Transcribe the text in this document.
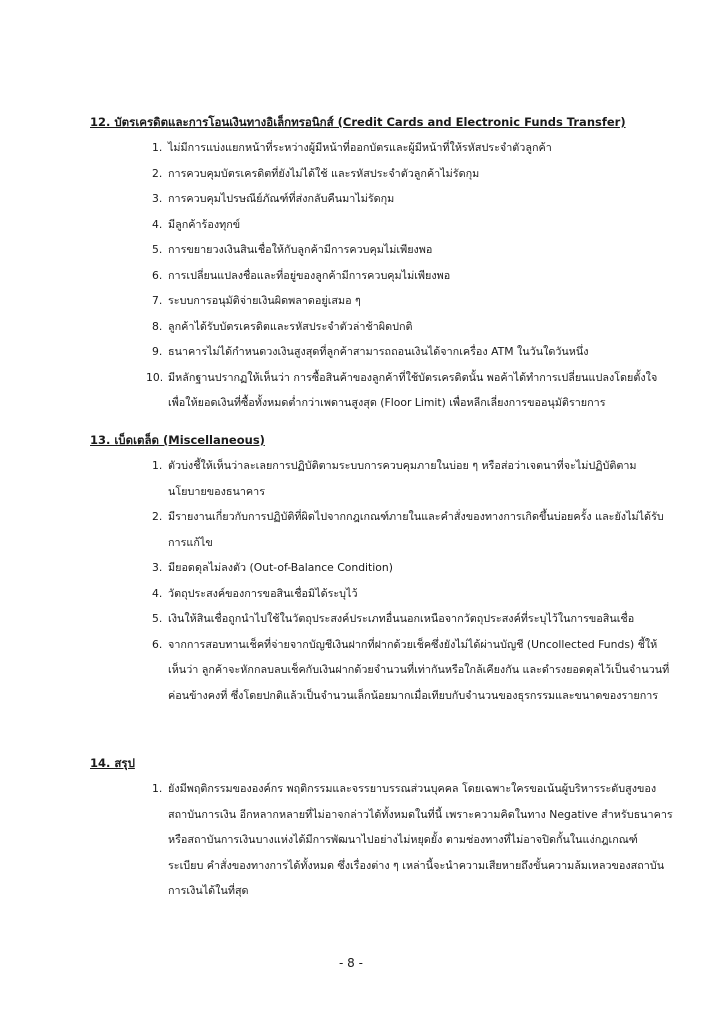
12. บัตรเครดิตและการโอนเงินทางอิเล็กทรอนิกส์ (Credit Cards and Electronic Funds Transfer)
1. ไม่มีการแบ่งแยกหน้าที่ระหว่างผู้มีหน้าที่ออกบัตรและผู้มีหน้าที่ให้รหัสประจำตัวลูกค้า
2. การควบคุมบัตรเครดิตที่ยังไม่ได้ใช้ และรหัสประจำตัวลูกค้าไม่รัดกุม
3. การควบคุมไปรษณีย์ภัณฑ์ที่ส่งกลับคืนมาไม่รัดกุม
4. มีลูกค้าร้องทุกข์
5. การขยายวงเงินสินเชื่อให้กับลูกค้ามีการควบคุมไม่เพียงพอ
6. การเปลี่ยนแปลงชื่อและที่อยู่ของลูกค้ามีการควบคุมไม่เพียงพอ
7. ระบบการอนุมัติจ่ายเงินผิดพลาดอยู่เสมอ ๆ
8. ลูกค้าได้รับบัตรเครดิตและรหัสประจำตัวล่าช้าผิดปกติ
9. ธนาคารไม่ได้กำหนดวงเงินสูงสุดที่ลูกค้าสามารถถอนเงินได้จากเครื่อง ATM ในวันใดวันหนึ่ง
10. มีหลักฐานปรากฏให้เห็นว่า การซื้อสินค้าของลูกค้าที่ใช้บัตรเครดิตนั้น พอค้าได้ทำการเปลี่ยนแปลงโดยตั้งใจเพื่อให้ยอดเงินที่ซื้อทั้งหมดต่ำกว่าเพดานสูงสุด (Floor Limit) เพื่อหลีกเลี่ยงการขออนุมัติรายการ
13. เบ็ดเตล็ด (Miscellaneous)
1. ตัวบ่งชี้ให้เห็นว่าละเลยการปฏิบัติตามระบบการควบคุมภายในบ่อย ๆ หรือส่อว่าเจตนาที่จะไม่ปฏิบัติตามนโยบายของธนาคาร
2. มีรายงานเกี่ยวกับการปฏิบัติที่ผิดไปจากกฎเกณฑ์ภายในและคำสั่งของทางการเกิดขึ้นบ่อยครั้ง และยังไม่ได้รับการแก้ไข
3. มียอดดุลไม่ลงตัว (Out-of-Balance Condition)
4. วัตถุประสงค์ของการขอสินเชื่อมิได้ระบุไว้
5. เงินให้สินเชื่อถูกนำไปใช้ในวัตถุประสงค์ประเภทอื่นนอกเหนือจากวัตถุประสงค์ที่ระบุไว้ในการขอสินเชื่อ
6. จากการสอบทานเช็คที่จ่ายจากบัญชีเงินฝากที่ฝากด้วยเช็คซึ่งยังไม่ได้ผ่านบัญชี (Uncollected Funds) ชี้ให้เห็นว่า ลูกค้าจะหักกลบลบเช็คกับเงินฝากด้วยจำนวนที่เท่ากันหรือใกล้เคียงกัน และดำรงยอดดุลไว้เป็นจำนวนที่ค่อนข้างคงที่ ซึ่งโดยปกติแล้วเป็นจำนวนเล็กน้อยมากเมื่อเทียบกับจำนวนของธุรกรรมและขนาดของรายการ
14. สรุป
1. ยังมีพฤติกรรมขององค์กร พฤติกรรมและจรรยาบรรณส่วนบุคคล โดยเฉพาะใครขอเน้นผู้บริหารระดับสูงของสถาบันการเงิน อีกหลากหลายที่ไม่อาจกล่าวได้ทั้งหมดในที่นี้ เพราะความคิดในทาง Negative สำหรับธนาคารหรือสถาบันการเงินบางแห่งได้มีการพัฒนาไปอย่างไม่หยุดยั้ง ตามช่องทางที่ไม่อาจปิดกั้นในแง่กฎเกณฑ์ ระเบียบ คำสั่งของทางการได้ทั้งหมด ซึ่งเรื่องต่าง ๆ เหล่านี้จะนำความเสียหายถึงขั้นความล้มเหลวของสถาบันการเงินได้ในที่สุด
- 8 -
